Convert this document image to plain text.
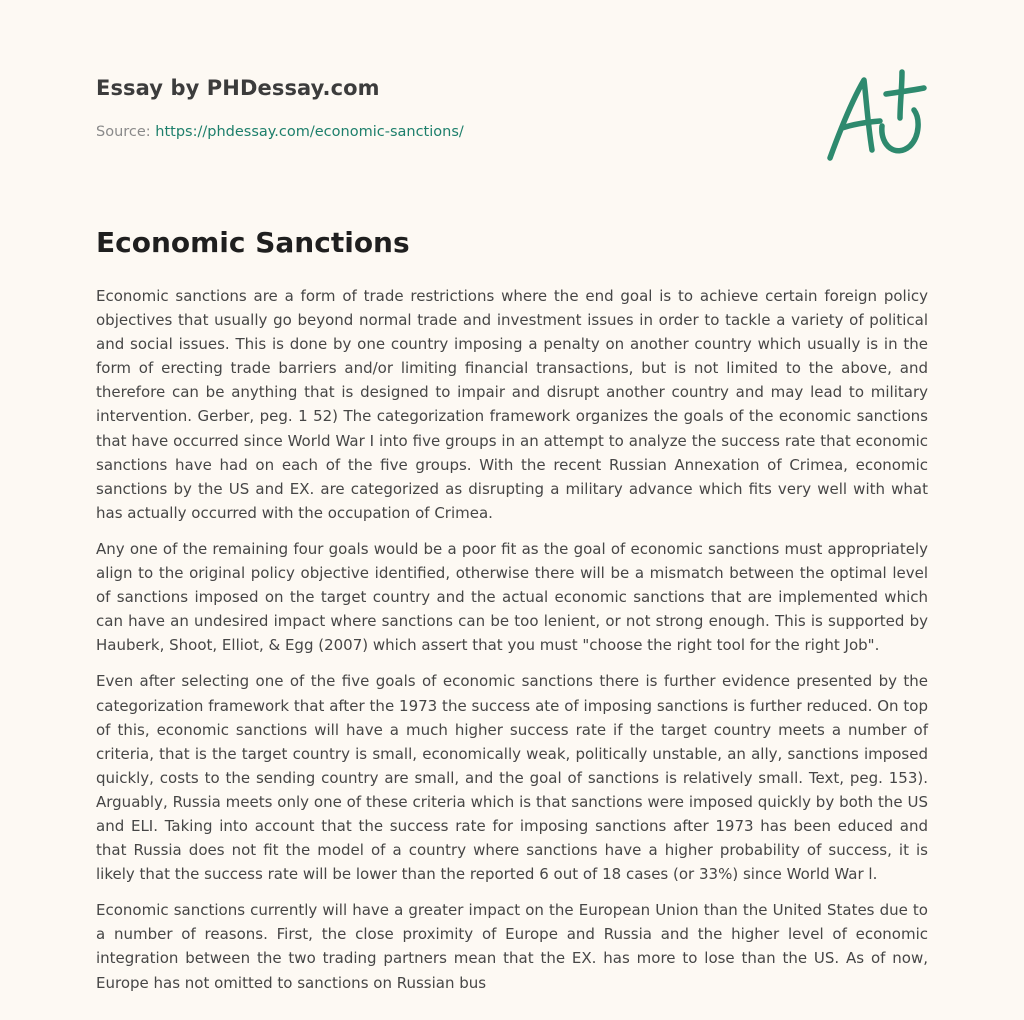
Essay by PHDessay.com
Source: https://phdessay.com/economic-sanctions/
Economic Sanctions

Economic sanctions are a form of trade restrictions where the end goal is to achieve certain foreign policy objectives that usually go beyond normal trade and investment issues in order to tackle a variety of political and social issues. This is done by one country imposing a penalty on another country which usually is in the form of erecting trade barriers and/or limiting financial transactions, but is not limited to the above, and therefore can be anything that is designed to impair and disrupt another country and may lead to military intervention. Gerber, peg. 1 52) The categorization framework organizes the goals of the economic sanctions that have occurred since World War I into five groups in an attempt to analyze the success rate that economic sanctions have had on each of the five groups. With the recent Russian Annexation of Crimea, economic sanctions by the US and EX. are categorized as disrupting a military advance which fits very well with what has actually occurred with the occupation of Crimea.

Any one of the remaining four goals would be a poor fit as the goal of economic sanctions must appropriately align to the original policy objective identified, otherwise there will be a mismatch between the optimal level of sanctions imposed on the target country and the actual economic sanctions that are implemented which can have an undesired impact where sanctions can be too lenient, or not strong enough. This is supported by Hauberk, Shoot, Elliot, & Egg (2007) which assert that you must "choose the right tool for the right Job".

Even after selecting one of the five goals of economic sanctions there is further evidence presented by the categorization framework that after the 1973 the success ate of imposing sanctions is further reduced. On top of this, economic sanctions will have a much higher success rate if the target country meets a number of criteria, that is the target country is small, economically weak, politically unstable, an ally, sanctions imposed quickly, costs to the sending country are small, and the goal of sanctions is relatively small. Text, peg. 153). Arguably, Russia meets only one of these criteria which is that sanctions were imposed quickly by both the US and ELI. Taking into account that the success rate for imposing sanctions after 1973 has been educed and that Russia does not fit the model of a country where sanctions have a higher probability of success, it is likely that the success rate will be lower than the reported 6 out of 18 cases (or 33%) since World War l.

Economic sanctions currently will have a greater impact on the European Union than the United States due to a number of reasons. First, the close proximity of Europe and Russia and the higher level of economic integration between the two trading partners mean that the EX. has more to lose than the US. As of now, Europe has not omitted to sanctions on Russian bus
